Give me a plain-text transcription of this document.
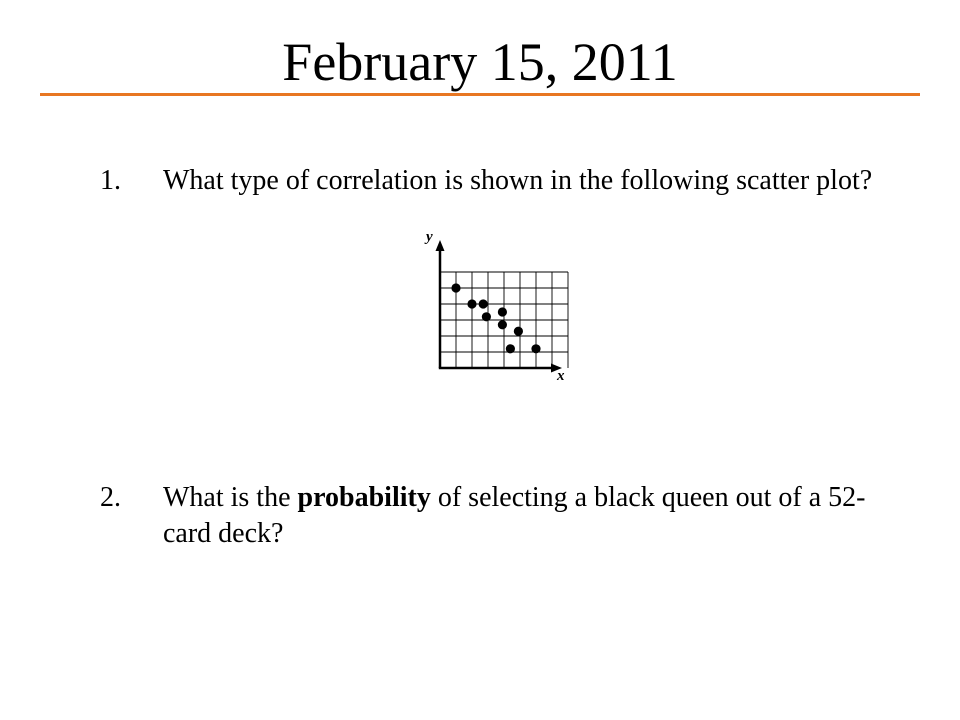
February 15, 2011
1. What type of correlation is shown in the following scatter plot?
y
x
2. What is the probability of selecting a black queen out of a 52-card deck?
